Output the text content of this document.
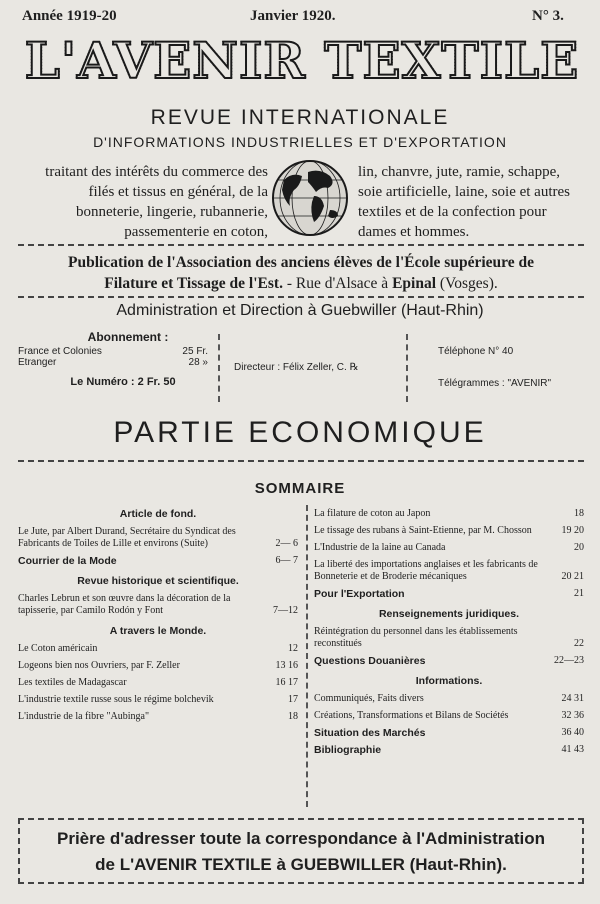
Année 1919-20	Janvier 1920.	N° 3.
L'AVENIR TEXTILE
REVUE INTERNATIONALE
D'INFORMATIONS INDUSTRIELLES ET D'EXPORTATION
traitant des intérêts du commerce des filés et tissus en général, de la bonneterie, lingerie, rubannerie, passementerie en coton,
lin, chanvre, jute, ramie, schappe, soie artificielle, laine, soie et autres textiles et de la confection pour dames et hommes.
Publication de l'Association des anciens élèves de l'École supérieure de
Filature et Tissage de l'Est. - Rue d'Alsace à Epinal (Vosges).
Administration et Direction à Guebwiller (Haut-Rhin)
Abonnement :
France et Colonies	25 Fr.
Etranger	28 »
Le Numéro : 2 Fr. 50
Directeur : Félix Zeller, C. ℞
Téléphone N° 40
Télégrammes : "AVENIR"
PARTIE ECONOMIQUE
SOMMAIRE
Article de fond.
Le Jute, par Albert Durand, Secrétaire du Syndicat des Fabricants de Toiles de Lille et environs (Suite)	2— 6
Courrier de la Mode	6— 7
Revue historique et scientifique.
Charles Lebrun et son œuvre dans la décoration de la tapisserie, par Camilo Rodón y Font	7—12
A travers le Monde.
Le Coton américain	12
Logeons bien nos Ouvriers, par F. Zeller	13 16
Les textiles de Madagascar	16 17
L'industrie textile russe sous le régime bolchevik	17
L'industrie de la fibre "Aubinga"	18
La filature de coton au Japon	18
Le tissage des rubans à Saint-Etienne, par M. Chosson	19 20
L'Industrie de la laine au Canada	20
La liberté des importations anglaises et les fabricants de Bonneterie et de Broderie mécaniques	20 21
Pour l'Exportation	21
Renseignements juridiques.
Réintégration du personnel dans les établissements reconstitués	22
Questions Douanières	22—23
Informations.
Communiqués, Faits divers	24 31
Créations, Transformations et Bilans de Sociétés	32 36
Situation des Marchés	36 40
Bibliographie	41 43
Prière d'adresser toute la correspondance à l'Administration
de L'AVENIR TEXTILE à GUEBWILLER (Haut-Rhin).
